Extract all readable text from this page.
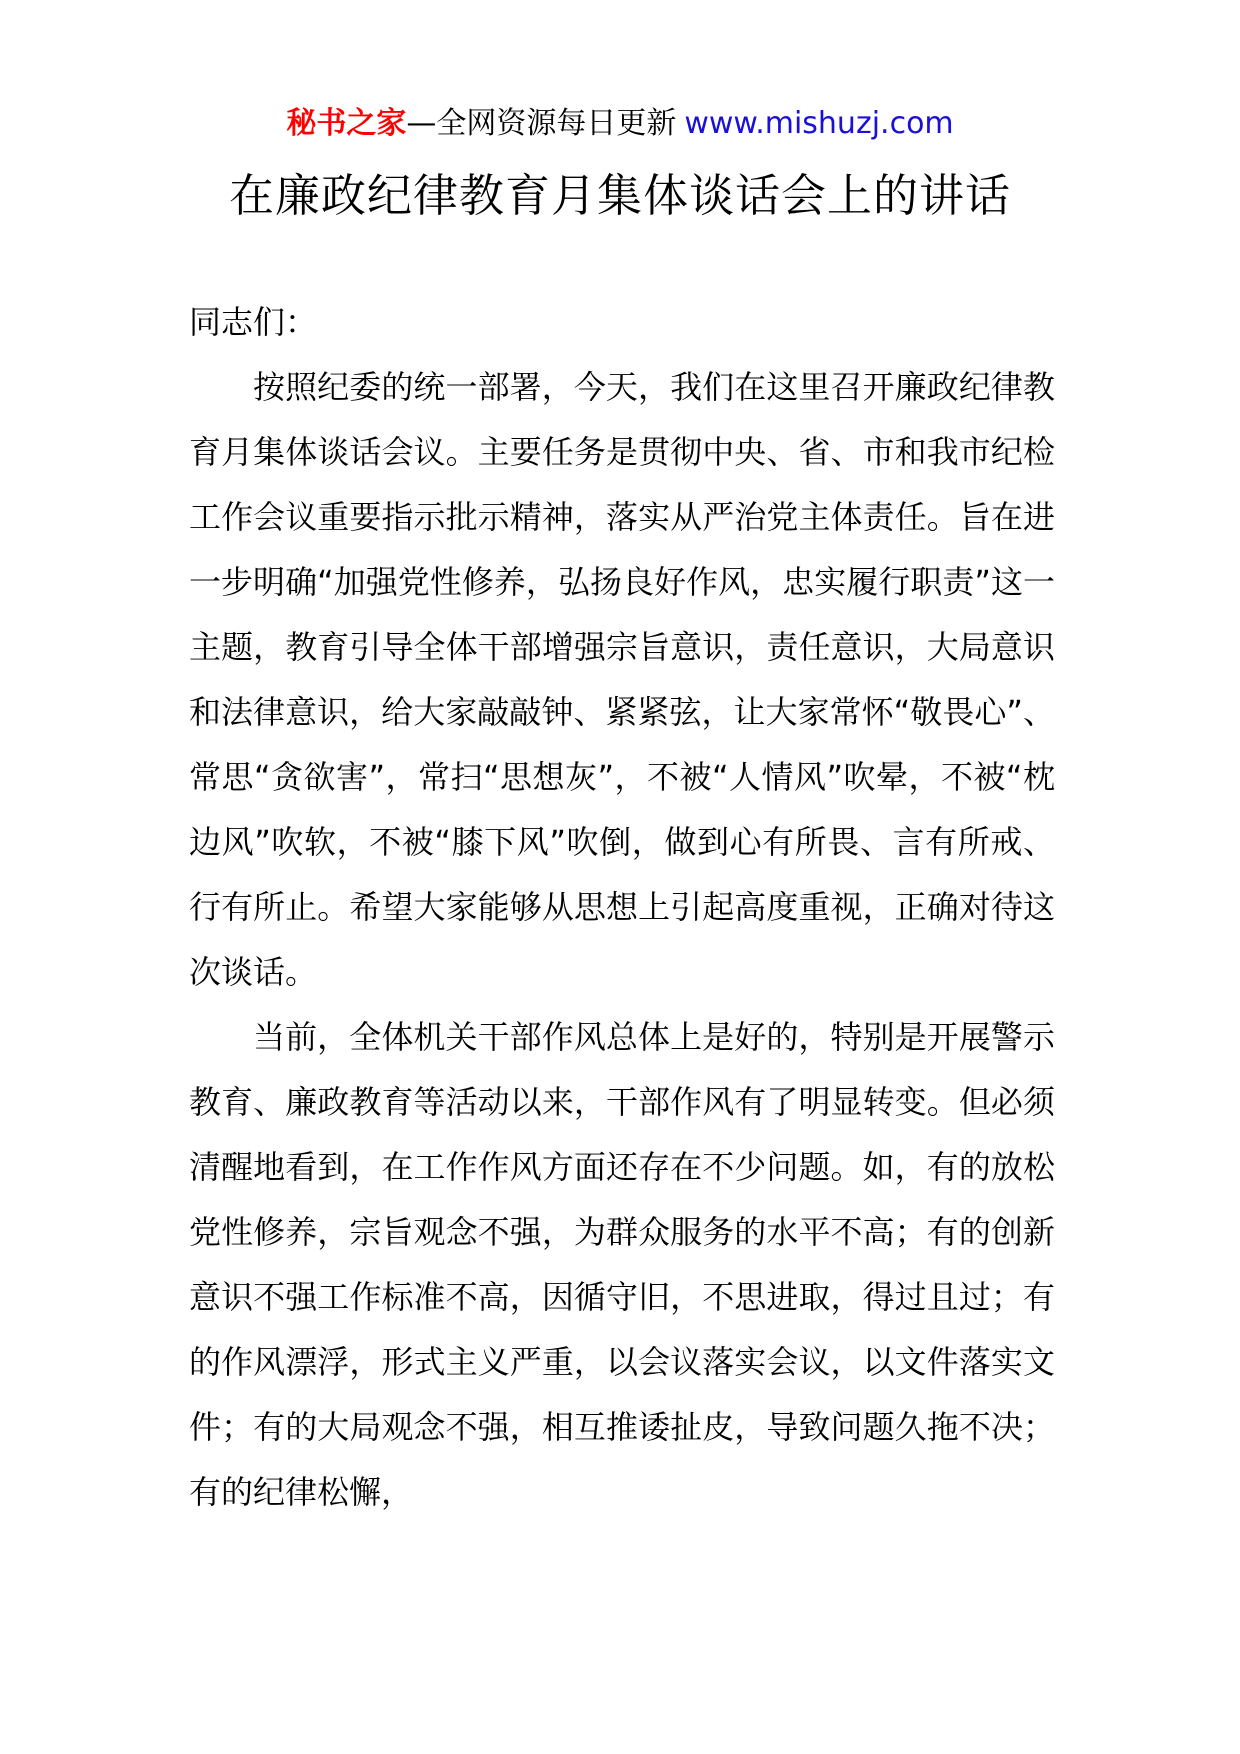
秘书之家—全网资源每日更新 www.mishuzj.com
在廉政纪律教育月集体谈话会上的讲话

同志们：

按照纪委的统一部署，今天，我们在这里召开廉政纪律教育月集体谈话会议。主要任务是贯彻中央、省、市和我市纪检工作会议重要指示批示精神，落实从严治党主体责任。旨在进一步明确“加强党性修养，弘扬良好作风，忠实履行职责”这一主题，教育引导全体干部增强宗旨意识，责任意识，大局意识和法律意识，给大家敲敲钟、紧紧弦，让大家常怀“敬畏心”、常思“贪欲害”，常扫“思想灰”，不被“人情风”吹晕，不被“枕边风”吹软，不被“膝下风”吹倒，做到心有所畏、言有所戒、行有所止。希望大家能够从思想上引起高度重视，正确对待这次谈话。

当前，全体机关干部作风总体上是好的，特别是开展警示教育、廉政教育等活动以来，干部作风有了明显转变。但必须清醒地看到，在工作作风方面还存在不少问题。如，有的放松党性修养，宗旨观念不强，为群众服务的水平不高；有的创新意识不强工作标准不高，因循守旧，不思进取，得过且过；有的作风漂浮，形式主义严重，以会议落实会议，以文件落实文件；有的大局观念不强，相互推诿扯皮，导致问题久拖不决；有的纪律松懈，
